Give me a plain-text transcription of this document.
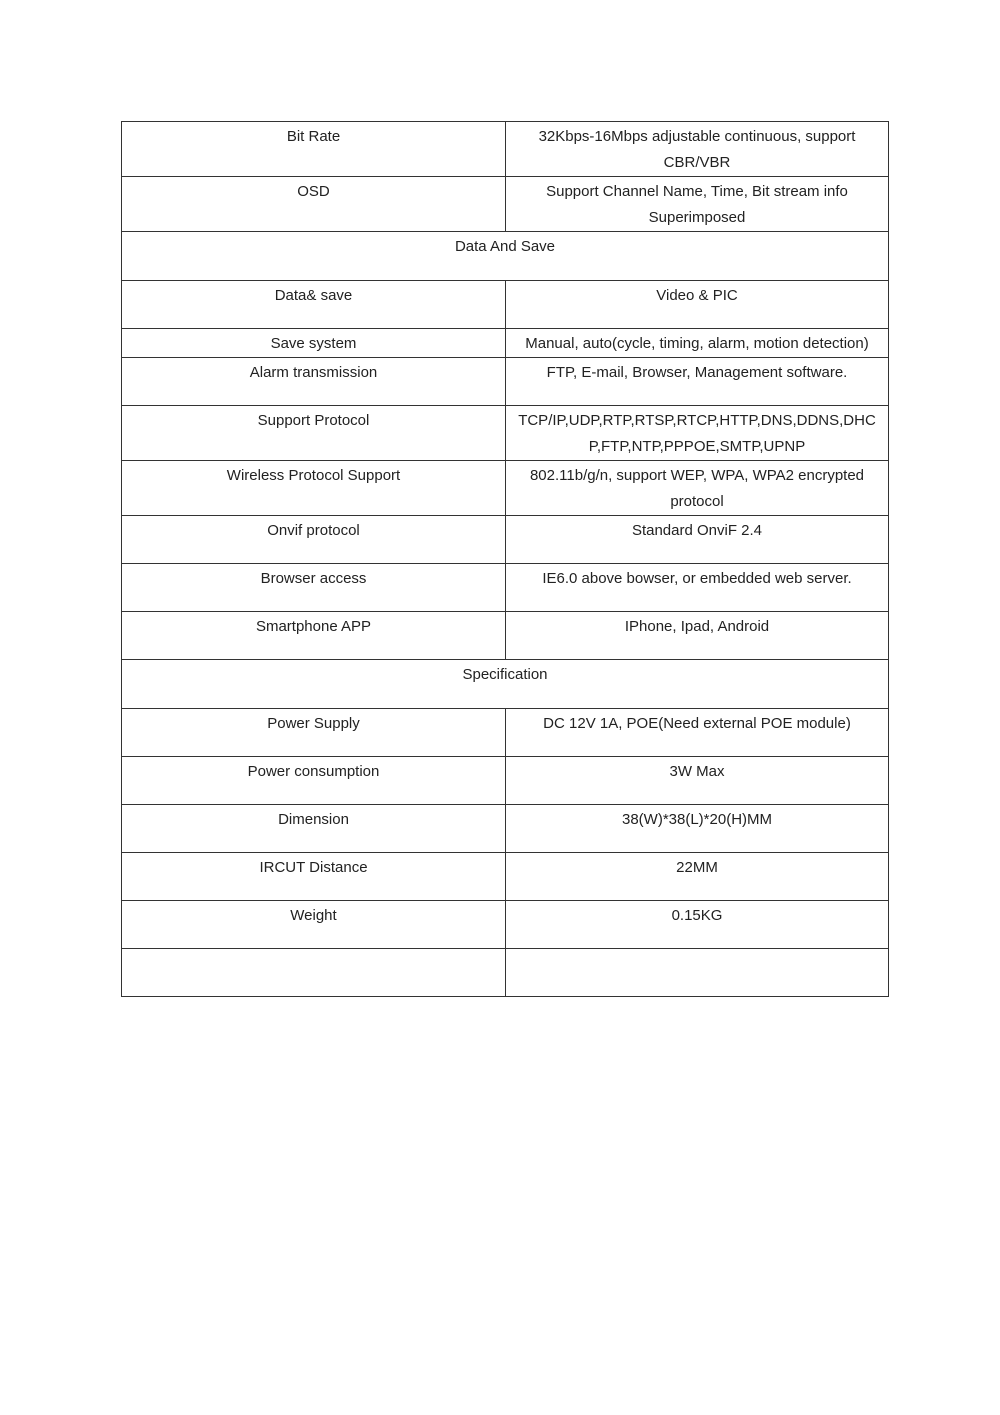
Bit Rate	32Kbps-16Mbps adjustable continuous, support CBR/VBR
OSD	Support Channel Name, Time, Bit stream info Superimposed
Data And Save	
Data& save	Video & PIC
Save system	Manual, auto(cycle, timing, alarm, motion detection)
Alarm transmission	FTP, E-mail, Browser, Management software.
Support Protocol	TCP/IP,UDP,RTP,RTSP,RTCP,HTTP,DNS,DDNS,DHCP,FTP,NTP,PPPOE,SMTP,UPNP
Wireless Protocol Support	802.11b/g/n, support WEP, WPA, WPA2 encrypted protocol
Onvif protocol	Standard OnviF 2.4
Browser access	IE6.0 above bowser, or embedded web server.
Smartphone APP	IPhone, Ipad, Android
Specification	
Power Supply	DC 12V 1A, POE(Need external POE module)
Power consumption	3W Max
Dimension	38(W)*38(L)*20(H)MM
IRCUT Distance	22MM
Weight	0.15KG
